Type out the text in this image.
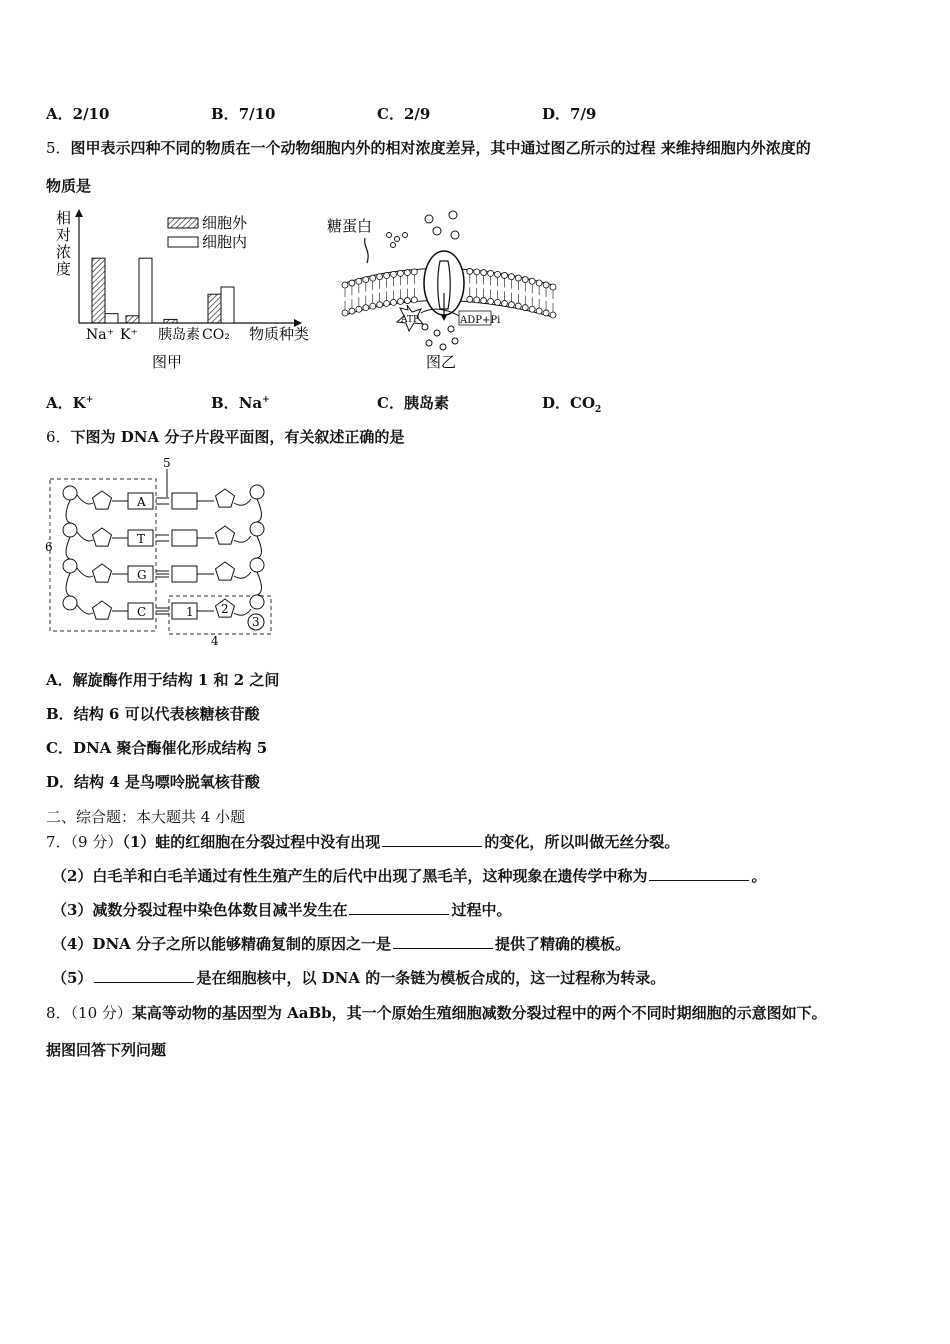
A．2/10	B．7/10	C．2/9	D．7/9
5．图甲表示四种不同的物质在一个动物细胞内外的相对浓度差异，其中通过图乙所示的过程 来维持细胞内外浓度的
物质是
相对浓度
Na⁺ K⁺ 胰岛素 CO₂
细胞外
细胞内
物质种类
图甲
糖蛋白
ATP	ADP+Pi
图乙
A．K+	B．Na+	C．胰岛素	D．$CO_2$
6．下图为 DNA 分子片段平面图，有关叙述正确的是
6
4
5
A
T
G
C	1 2
3
A．解旋酶作用于结构 1 和 2 之间
B．结构 6 可以代表核糖核苷酸
C．DNA 聚合酶催化形成结构 5
D．结构 4 是鸟嘌呤脱氧核苷酸
二、综合题：本大题共 4 小题
7．（9 分）（1）蛙的红细胞在分裂过程中没有出现	的变化，所以叫做无丝分裂。
（2）白毛羊和白毛羊通过有性生殖产生的后代中出现了黑毛羊，这种现象在遗传学中称为	。
（3）减数分裂过程中染色体数目减半发生在	过程中。
（4）DNA 分子之所以能够精确复制的原因之一是	提供了精确的模板。
（5）	是在细胞核中，以 DNA 的一条链为模板合成的，这一过程称为转录。
8．（10 分）某高等动物的基因型为 AaBb，其一个原始生殖细胞减数分裂过程中的两个不同时期细胞的示意图如下。
据图回答下列问题
